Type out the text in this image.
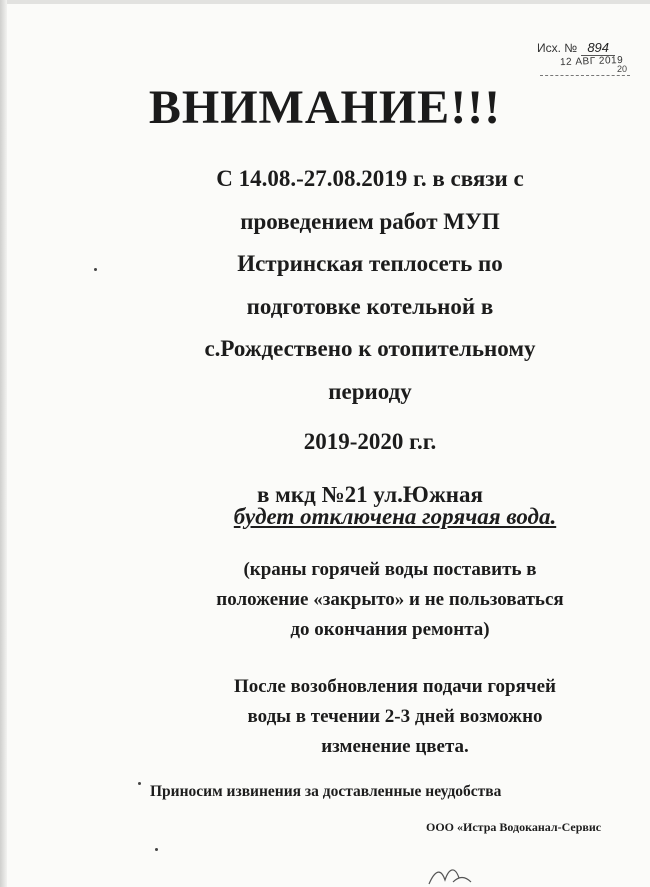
Исх. № 894
12 АВГ 2019
20
ВНИМАНИЕ!!!
С 14.08.-27.08.2019 г. в связи с
проведением работ МУП
Истринская теплосеть по
подготовке котельной в
с.Рождествено к отопительному
периоду
2019-2020 г.г.
в мкд №21 ул.Южная
будет отключена горячая вода.
(краны горячей воды поставить в
положение «закрыто» и не пользоваться
до окончания ремонта)
После возобновления подачи горячей
воды в течении 2-3 дней возможно
изменение цвета.
Приносим извинения за доставленные неудобства
ООО «Истра Водоканал-Сервис
